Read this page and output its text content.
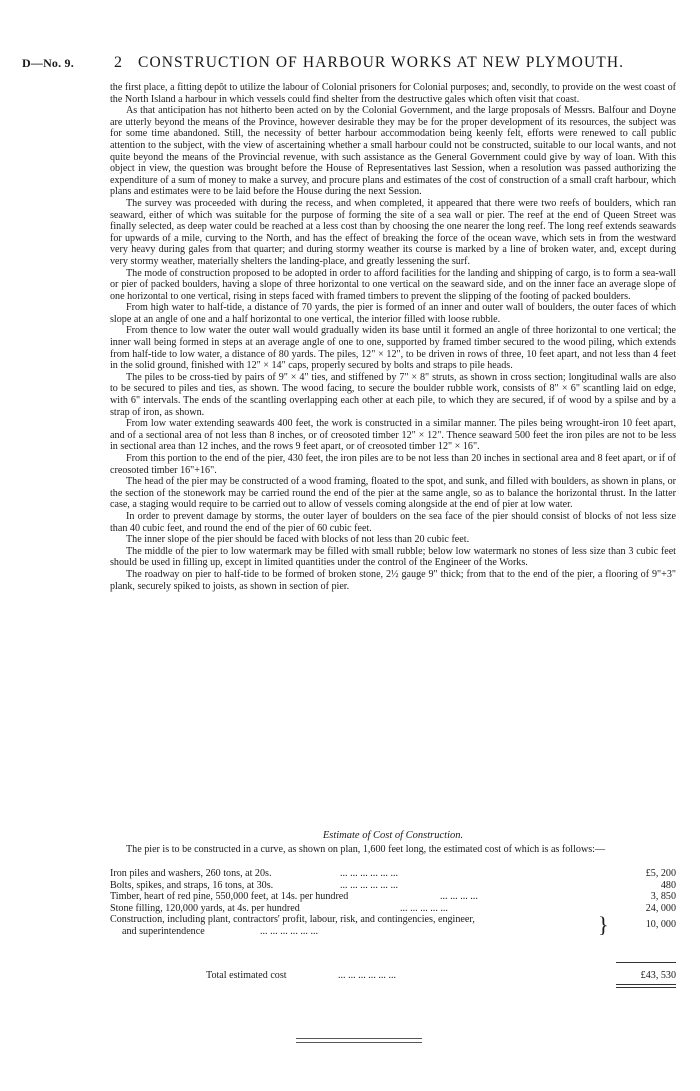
D—No. 9.	2 CONSTRUCTION OF HARBOUR WORKS AT NEW PLYMOUTH.

the first place, a fitting depôt to utilize the labour of Colonial prisoners for Colonial purposes; and, secondly, to provide on the west coast of the North Island a harbour in which vessels could find shelter from the destructive gales which often visit that coast.

As that anticipation has not hitherto been acted on by the Colonial Government, and the large proposals of Messrs. Balfour and Doyne are utterly beyond the means of the Province, however desirable they may be for the proper development of its resources, the subject was for some time abandoned. Still, the necessity of better harbour accommodation being keenly felt, efforts were renewed to call public attention to the subject, with the view of ascertaining whether a small harbour could not be constructed, suitable to our local wants, and not quite beyond the means of the Provincial revenue, with such assistance as the General Government could give by way of loan. With this object in view, the question was brought before the House of Representatives last Session, when a resolution was passed authorizing the expenditure of a sum of money to make a survey, and procure plans and estimates of the cost of construction of a small craft harbour, which plans and estimates were to be laid before the House during the next Session.

The survey was proceeded with during the recess, and when completed, it appeared that there were two reefs of boulders, which ran seaward, either of which was suitable for the purpose of forming the site of a sea wall or pier. The reef at the end of Queen Street was finally selected, as deep water could be reached at a less cost than by choosing the one nearer the long reef. The long reef extends seawards for upwards of a mile, curving to the North, and has the effect of breaking the force of the ocean wave, which sets in from the westward very heavy during gales from that quarter; and during stormy weather its course is marked by a line of broken water, and, except during very stormy weather, materially shelters the landing-place, and greatly lessening the surf.

The mode of construction proposed to be adopted in order to afford facilities for the landing and shipping of cargo, is to form a sea-wall or pier of packed boulders, having a slope of three horizontal to one vertical on the seaward side, and on the inner face an average slope of one horizontal to one vertical, rising in steps faced with framed timbers to prevent the slipping of the footing of packed boulders.

From high water to half-tide, a distance of 70 yards, the pier is formed of an inner and outer wall of boulders, the outer faces of which slope at an angle of one and a half horizontal to one vertical, the interior filled with loose rubble.

From thence to low water the outer wall would gradually widen its base until it formed an angle of three horizontal to one vertical; the inner wall being formed in steps at an average angle of one to one, supported by framed timber secured to the wood piling, which extends from half-tide to low water, a distance of 80 yards. The piles, 12" × 12", to be driven in rows of three, 10 feet apart, and not less than 4 feet in the solid ground, finished with 12" × 14" caps, properly secured by bolts and straps to pile heads.

The piles to be cross-tied by pairs of 9" × 4" ties, and stiffened by 7" × 8" struts, as shown in cross section; longitudinal walls are also to be secured to piles and ties, as shown. The wood facing, to secure the boulder rubble work, consists of 8" × 6" scantling laid on edge, with 6" intervals. The ends of the scantling overlapping each other at each pile, to which they are secured, if of wood by a spilse and by a strap of iron, as shown.

From low water extending seawards 400 feet, the work is constructed in a similar manner. The piles being wrought-iron 10 feet apart, and of a sectional area of not less than 8 inches, or of creosoted timber 12" × 12". Thence seaward 500 feet the iron piles are not to be less in sectional area than 12 inches, and the rows 9 feet apart, or of creosoted timber 12" × 16".

From this portion to the end of the pier, 430 feet, the iron piles are to be not less than 20 inches in sectional area and 8 feet apart, or if of creosoted timber 16"+16".

The head of the pier may be constructed of a wood framing, floated to the spot, and sunk, and filled with boulders, as shown in plans, or the section of the stonework may be carried round the end of the pier at the same angle, so as to balance the horizontal thrust. In the latter case, a staging would require to be carried out to allow of vessels coming alongside at the end of pier at low water.

In order to prevent damage by storms, the outer layer of boulders on the sea face of the pier should consist of blocks of not less size than 40 cubic feet, and round the end of the pier of 60 cubic feet.

The inner slope of the pier should be faced with blocks of not less than 20 cubic feet.

The middle of the pier to low watermark may be filled with small rubble; below low watermark no stones of less size than 3 cubic feet should be used in filling up, except in limited quantities under the control of the Engineer of the Works.

The roadway on pier to half-tide to be formed of broken stone, 2½ gauge 9" thick; from that to the end of the pier, a flooring of 9"+3" plank, securely spiked to joists, as shown in section of pier.

Estimate of Cost of Construction.

The pier is to be constructed in a curve, as shown on plan, 1,600 feet long, the estimated cost of which is as follows:—

Iron piles and washers, 260 tons, at 20s.	... ... ... ... ... ...	£5, 200
Bolts, spikes, and straps, 16 tons, at 30s.	... ... ... ... ... ...	480
Timber, heart of red pine, 550,000 feet, at 14s. per hundred	... ... ... ...	3, 850
Stone filling, 120,000 yards, at 4s. per hundred	... ... ... ... ...	24, 000
Construction, including plant, contractors' profit, labour, risk, and contingencies, engineer,
and superintendence	... ... ... ... ... ...	}	10, 000
Total estimated cost	... ... ... ... ... ...	£43, 530
